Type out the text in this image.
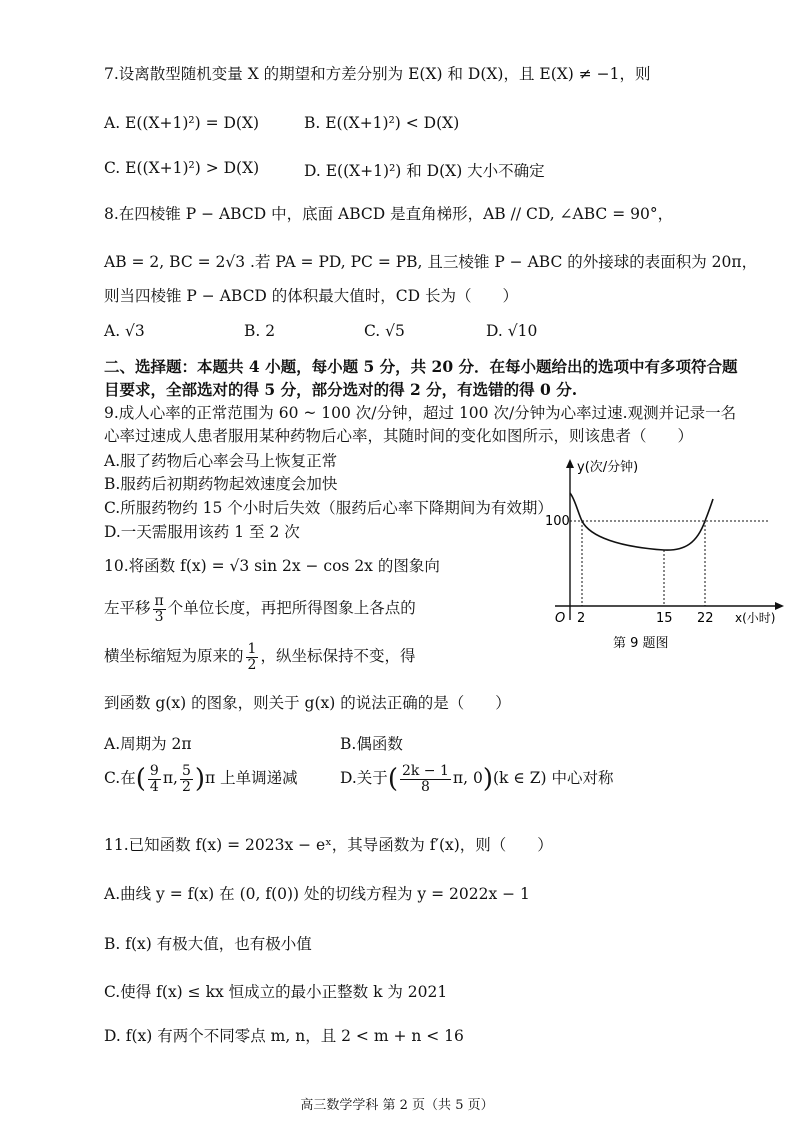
7.设离散型随机变量 X 的期望和方差分别为 E(X) 和 D(X)，且 E(X) ≠ −1，则
A. E((X+1)²) = D(X)	B. E((X+1)²) < D(X)
C. E((X+1)²) > D(X)	D. E((X+1)²) 和 D(X) 大小不确定
8.在四棱锥 P − ABCD 中，底面 ABCD 是直角梯形，AB // CD, ∠ABC = 90°，
AB = 2, BC = 2√3 .若 PA = PD, PC = PB, 且三棱锥 P − ABC 的外接球的表面积为 20π，
则当四棱锥 P − ABCD 的体积最大值时，CD 长为（　　）
A. √3	B. 2	C. √5	D. √10
二、选择题：本题共 4 小题，每小题 5 分，共 20 分．在每小题给出的选项中有多项符合题
目要求，全部选对的得 5 分，部分选对的得 2 分，有选错的得 0 分.
9.成人心率的正常范围为 60 ~ 100 次/分钟，超过 100 次/分钟为心率过速.观测并记录一名
心率过速成人患者服用某种药物后心率，其随时间的变化如图所示，则该患者（　　）
A.服了药物后心率会马上恢复正常
B.服药后初期药物起效速度会加快
C.所服药物约 15 个小时后失效（服药后心率下降期间为有效期）
D.一天需服用该药 1 至 2 次
y(次/分钟)
x(小时)
O
100
2	15 22
第 9 题图
10.将函数 f(x) = √3 sin 2x − cos 2x 的图象向
左平移 $\frac{\pi}{3}$ 个单位长度，再把所得图象上各点的
横坐标缩短为原来的 $\frac{1}{2}$ ，纵坐标保持不变，得
到函数 g(x) 的图象，则关于 g(x) 的说法正确的是（　　）
A.周期为 2π	B.偶函数
C.在( $\frac{9}{4} \pi$, $\frac{5}{2} )\pi$ 上单调递减	D.关于( $\frac{2k - 1}{8} \pi$, 0)(k ∈ Z) 中心对称
11.已知函数 f(x) = 2023x − eˣ，其导函数为 f′(x)，则（　　）
A.曲线 y = f(x) 在 (0, f(0)) 处的切线方程为 y = 2022x − 1
B. f(x) 有极大值，也有极小值
C.使得 f(x) ≤ kx 恒成立的最小正整数 k 为 2021
D. f(x) 有两个不同零点 m, n，且 2 < m + n < 16
高三数学学科 第 2 页（共 5 页）
